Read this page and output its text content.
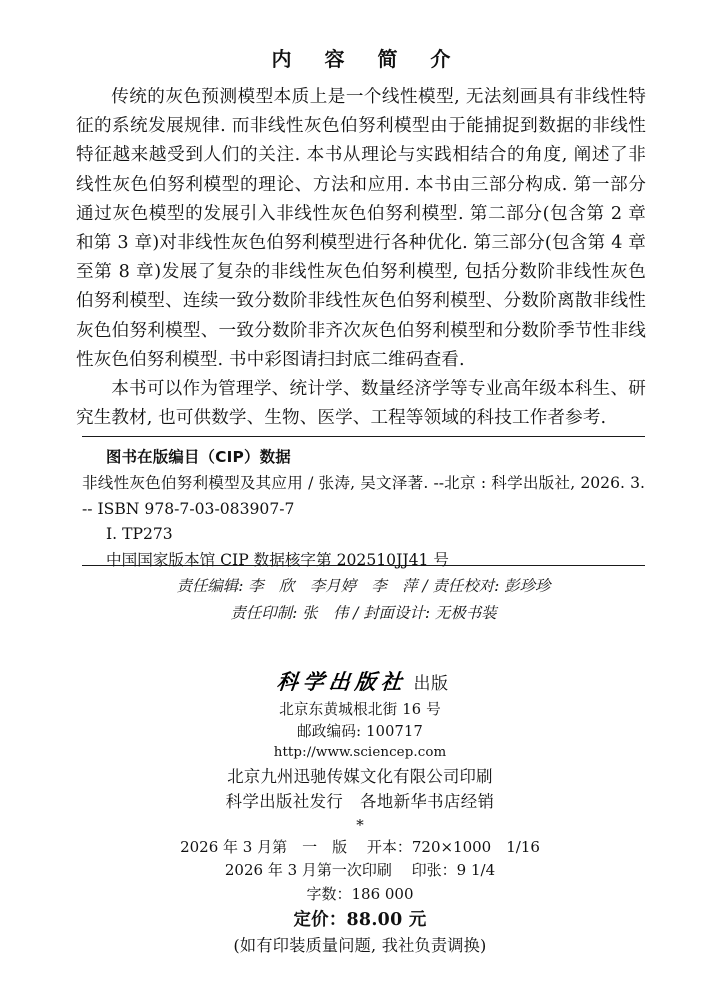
内 容 简 介

传统的灰色预测模型本质上是一个线性模型, 无法刻画具有非线性特征的系统发展规律. 而非线性灰色伯努利模型由于能捕捉到数据的非线性特征越来越受到人们的关注. 本书从理论与实践相结合的角度, 阐述了非线性灰色伯努利模型的理论、方法和应用. 本书由三部分构成. 第一部分通过灰色模型的发展引入非线性灰色伯努利模型. 第二部分(包含第 2 章和第 3 章)对非线性灰色伯努利模型进行各种优化. 第三部分(包含第 4 章至第 8 章)发展了复杂的非线性灰色伯努利模型, 包括分数阶非线性灰色伯努利模型、连续一致分数阶非线性灰色伯努利模型、分数阶离散非线性灰色伯努利模型、一致分数阶非齐次灰色伯努利模型和分数阶季节性非线性灰色伯努利模型. 书中彩图请扫封底二维码查看.

本书可以作为管理学、统计学、数量经济学等专业高年级本科生、研究生教材, 也可供数学、生物、医学、工程等领域的科技工作者参考.

图书在版编目（CIP）数据

非线性灰色伯努利模型及其应用 / 张涛, 吴文泽著. --北京 : 科学出版社, 2026. 3. -- ISBN 978-7-03-083907-7

I. TP273

中国国家版本馆 CIP 数据核字第 202510JJ41 号

责任编辑: 李　欣　李月婷　李　萍 / 责任校对: 彭珍珍

责任印制: 张　伟 / 封面设计: 无极书装

科学出版社 出版

北京东黄城根北街 16 号

邮政编码: 100717

http://www.sciencep.com

北京九州迅驰传媒文化有限公司印刷

科学出版社发行　各地新华书店经销

*

2026 年 3 月第　一　版　 开本：720×1000　1/16

2026 年 3 月第一次印刷　 印张：9 1/4

字数：186 000

定价：88.00 元

(如有印装质量问题, 我社负责调换)
